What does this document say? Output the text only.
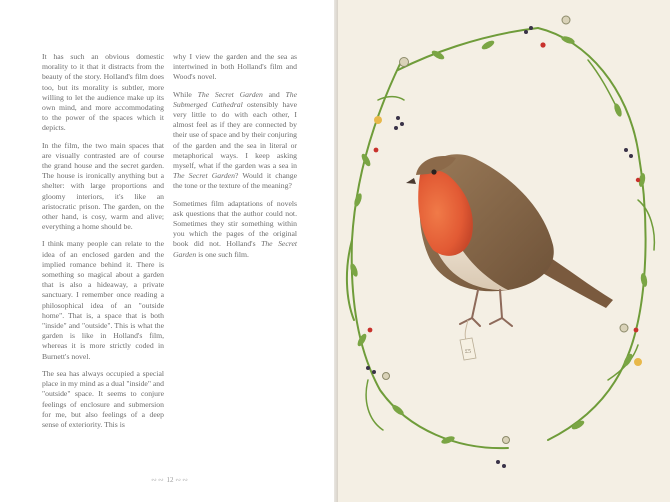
It has such an obvious domestic morality to it that it distracts from the beauty of the story. Holland's film does too, but its morality is subtler, more willing to let the audience make up its own mind, and more accommodating to the power of the spaces which it depicts.

In the film, the two main spaces that are visually contrasted are of course the grand house and the secret garden. The house is ironically anything but a shelter: with large proportions and gloomy interiors, it's like an aristocratic prison. The garden, on the other hand, is cosy, warm and alive; everything a home should be.

I think many people can relate to the idea of an enclosed garden and the implied romance behind it. There is something so magical about a garden that is also a hideaway, a private sanctuary. I remember once reading a philosophical idea of an "outside home". That is, a space that is both "inside" and "outside". This is what the garden is like in Holland's film, whereas it is more strictly coded in Burnett's novel.

The sea has always occupied a special place in my mind as a dual "inside" and "outside" space. It seems to conjure feelings of enclosure and submersion for me, but also feelings of a deep sense of exteriority. This is

why I view the garden and the sea as intertwined in both Holland's film and Wood's novel.

While The Secret Garden and The Submerged Cathedral ostensibly have very little to do with each other, I almost feel as if they are connected by their use of space and by their conjuring of the garden and the sea in literal or metaphorical ways. I keep asking myself, what if the garden was a sea in The Secret Garden? Would it change the tone or the texture of the meaning?

Sometimes film adaptations of novels ask questions that the author could not. Sometimes they stir something within you which the pages of the original book did not. Holland's The Secret Garden is one such film.

∾∾ 12 ∾∾
£5
